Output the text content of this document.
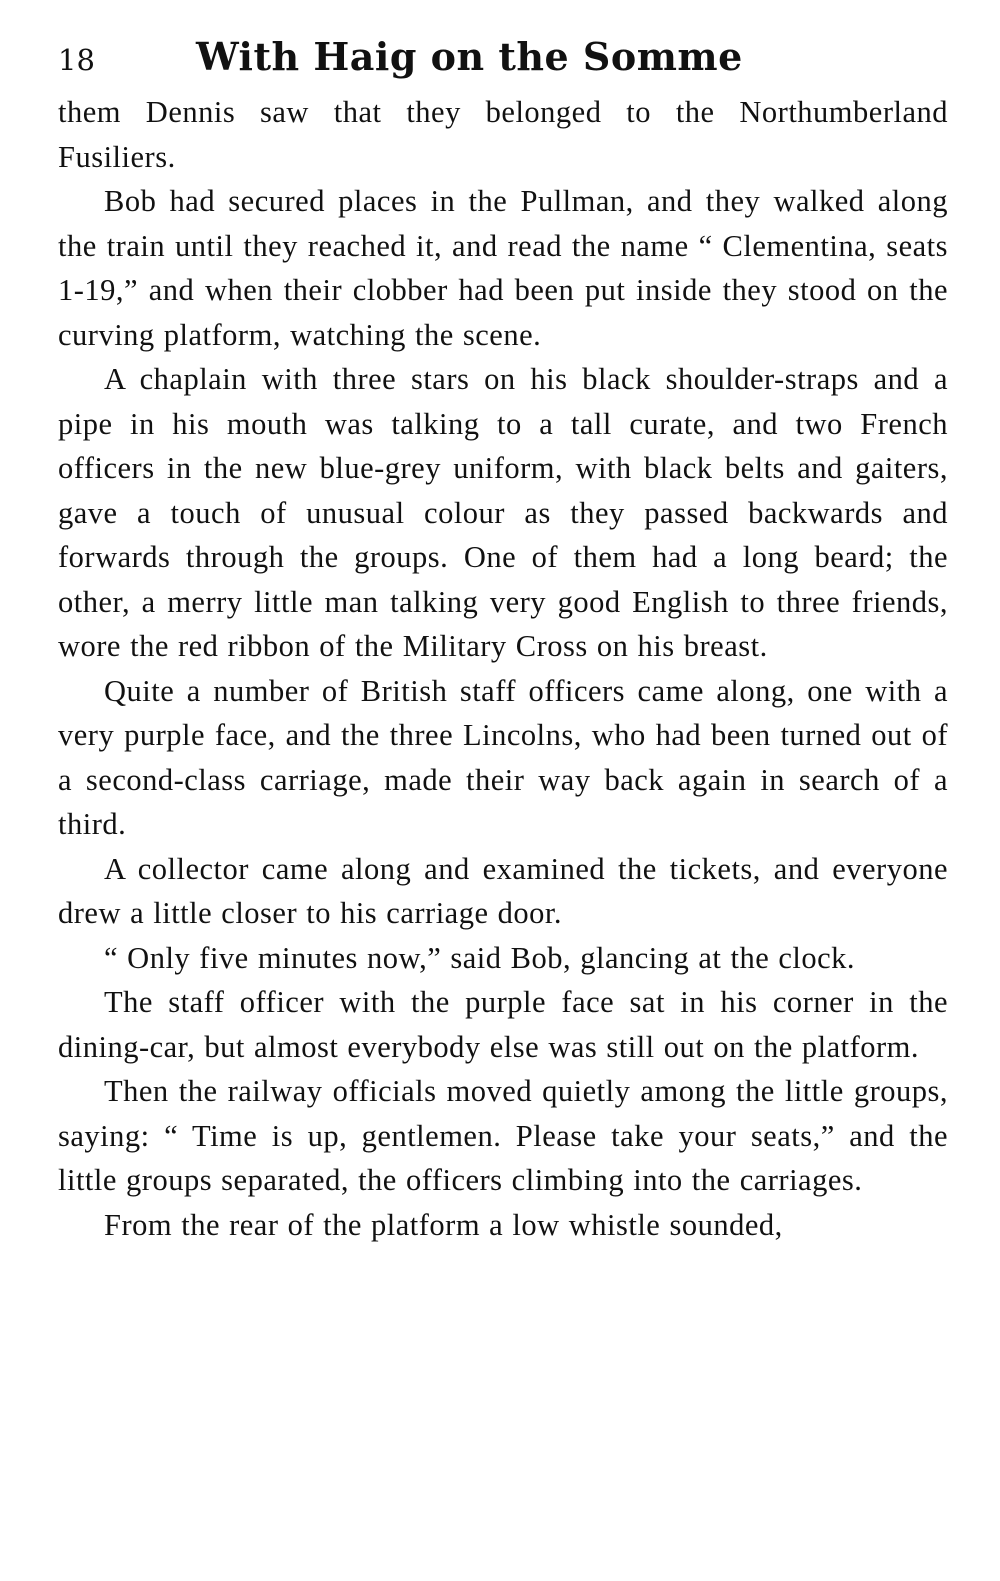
18	With Haig on the Somme

them Dennis saw that they belonged to the Northumberland Fusiliers.

Bob had secured places in the Pullman, and they walked along the train until they reached it, and read the name “ Clementina, seats 1-19,” and when their clobber had been put inside they stood on the curving platform, watching the scene.

A chaplain with three stars on his black shoulder-straps and a pipe in his mouth was talking to a tall curate, and two French officers in the new blue-grey uniform, with black belts and gaiters, gave a touch of unusual colour as they passed backwards and forwards through the groups. One of them had a long beard; the other, a merry little man talking very good English to three friends, wore the red ribbon of the Military Cross on his breast.

Quite a number of British staff officers came along, one with a very purple face, and the three Lincolns, who had been turned out of a second-class carriage, made their way back again in search of a third.

A collector came along and examined the tickets, and everyone drew a little closer to his carriage door.

“ Only five minutes now,” said Bob, glancing at the clock.

The staff officer with the purple face sat in his corner in the dining-car, but almost everybody else was still out on the platform.

Then the railway officials moved quietly among the little groups, saying: “ Time is up, gentlemen. Please take your seats,” and the little groups separated, the officers climbing into the carriages.

From the rear of the platform a low whistle sounded,
